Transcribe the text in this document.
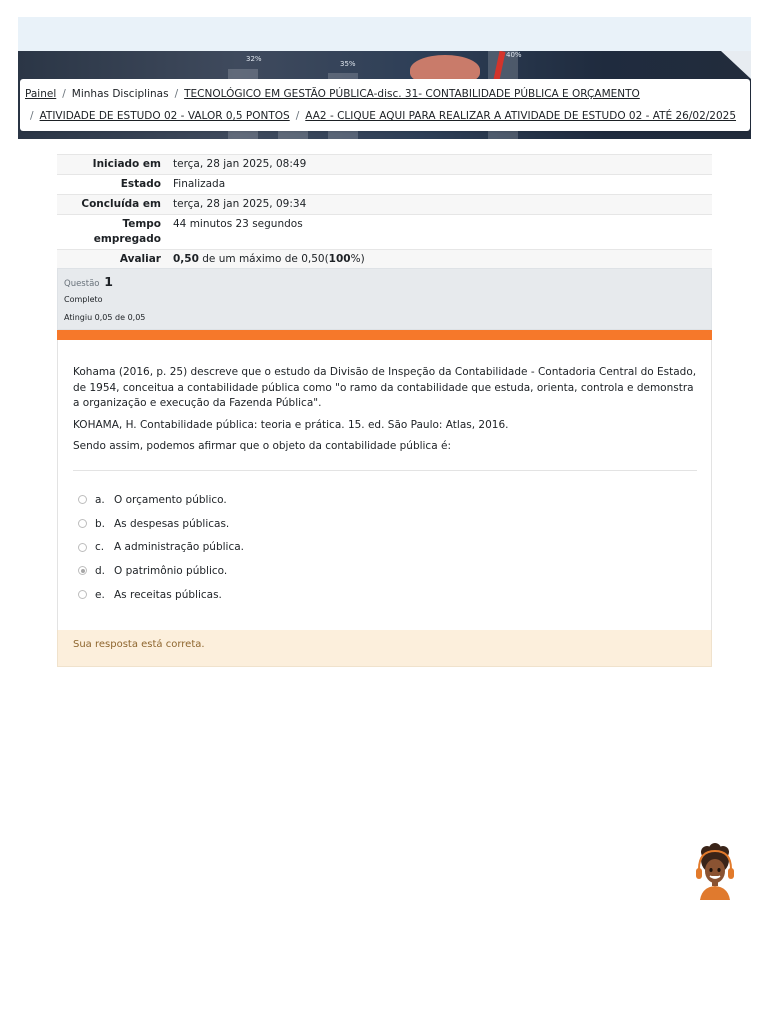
32%
35%
40%
Painel / Minhas Disciplinas / TECNOLÓGICO EM GESTÃO PÚBLICA-disc. 31- CONTABILIDADE PÚBLICA E ORÇAMENTO
/ ATIVIDADE DE ESTUDO 02 - VALOR 0,5 PONTOS / AA2 - CLIQUE AQUI PARA REALIZAR A ATIVIDADE DE ESTUDO 02 - ATÉ 26/02/2025
Iniciado em	terça, 28 jan 2025, 08:49
Estado	Finalizada
Concluída em	terça, 28 jan 2025, 09:34
Tempo empregado	44 minutos 23 segundos
Avaliar	0,50 de um máximo de 0,50(100%)
Questão 1
Completo
Atingiu 0,05 de 0,05

Kohama (2016, p. 25) descreve que o estudo da Divisão de Inspeção da Contabilidade - Contadoria Central do Estado, de 1954, conceitua a contabilidade pública como "o ramo da contabilidade que estuda, orienta, controla e demonstra a organização e execução da Fazenda Pública".

KOHAMA, H. Contabilidade pública: teoria e prática. 15. ed. São Paulo: Atlas, 2016.

Sendo assim, podemos afirmar que o objeto da contabilidade pública é:

a. O orçamento público.
b. As despesas públicas.
c. A administração pública.
d. O patrimônio público.
e. As receitas públicas.
Sua resposta está correta.
